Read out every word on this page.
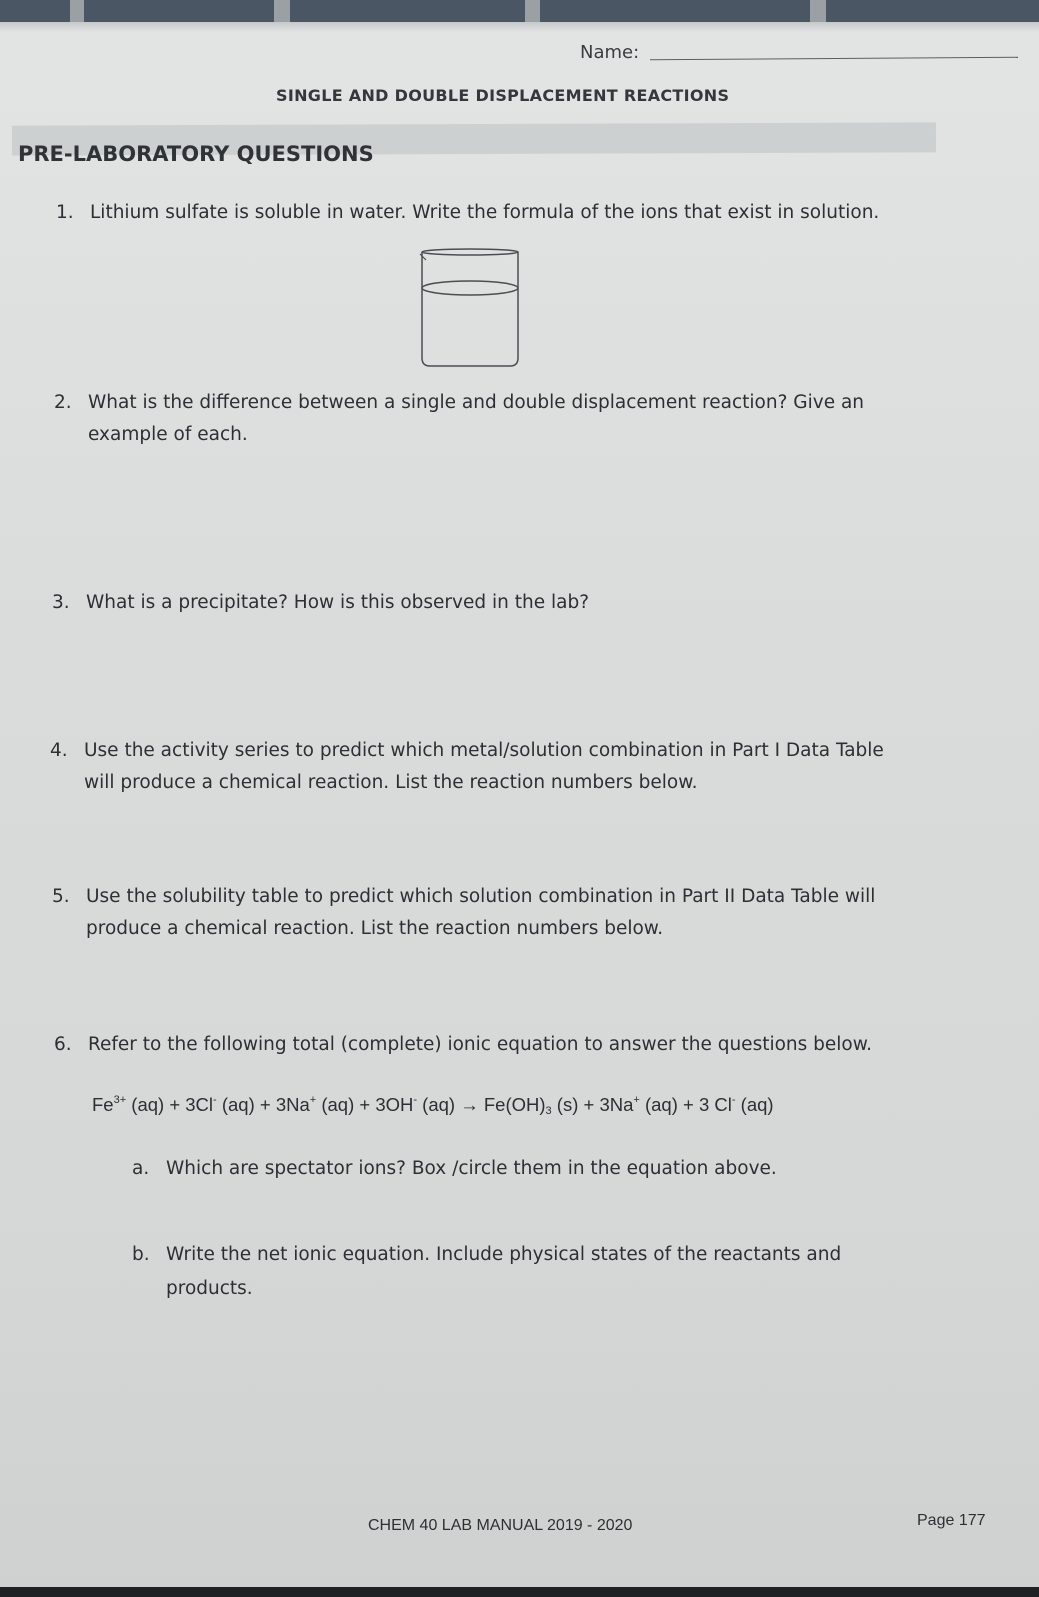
Name:
SINGLE AND DOUBLE DISPLACEMENT REACTIONS
PRE-LABORATORY QUESTIONS
1. Lithium sulfate is soluble in water. Write the formula of the ions that exist in solution.
2. What is the difference between a single and double displacement reaction? Give an
example of each.
3. What is a precipitate? How is this observed in the lab?
4. Use the activity series to predict which metal/solution combination in Part I Data Table
will produce a chemical reaction. List the reaction numbers below.
5. Use the solubility table to predict which solution combination in Part II Data Table will
produce a chemical reaction. List the reaction numbers below.
6. Refer to the following total (complete) ionic equation to answer the questions below.
$Fe^{3+}$ (aq) + 3Cl- (aq) + 3Na+ (aq) + 3OH- $(aq) \to Fe(OH)_3$ (s) + 3Na+ (aq) + 3 Cl- (aq)
a. Which are spectator ions? Box /circle them in the equation above.
b. Write the net ionic equation. Include physical states of the reactants and
products.
CHEM 40 LAB MANUAL 2019 - 2020	Page 177
